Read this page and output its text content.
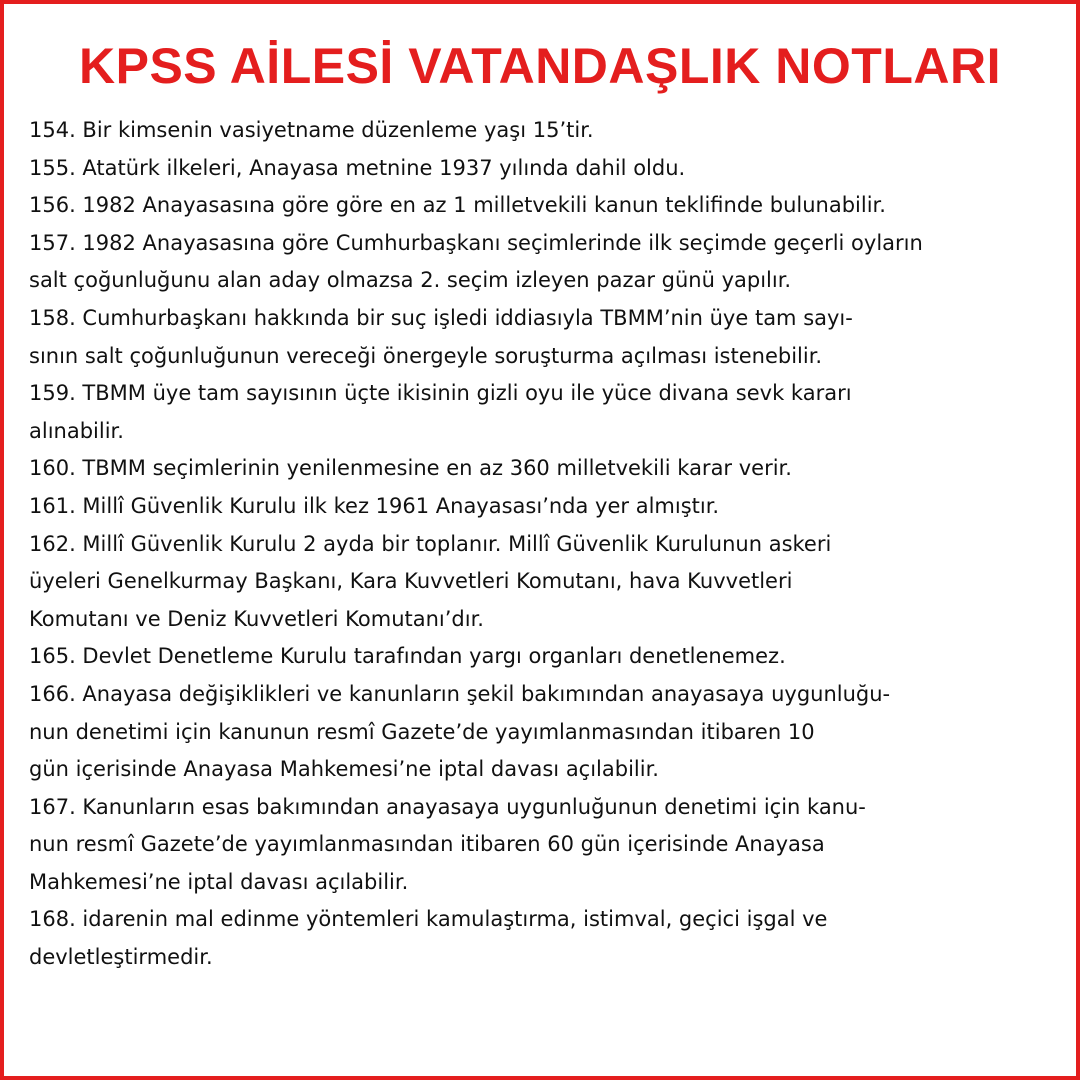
KPSS AİLESİ VATANDAŞLIK NOTLARI
154. Bir kimsenin vasiyetname düzenleme yaşı 15’tir.
155. Atatürk ilkeleri, Anayasa metnine 1937 yılında dahil oldu.
156. 1982 Anayasasına göre göre en az 1 milletvekili kanun teklifinde bulunabilir.
157. 1982 Anayasasına göre Cumhurbaşkanı seçimlerinde ilk seçimde geçerli oyların
salt çoğunluğunu alan aday olmazsa 2. seçim izleyen pazar günü yapılır.
158. Cumhurbaşkanı hakkında bir suç işledi iddiasıyla TBMM’nin üye tam sayı-
sının salt çoğunluğunun vereceği önergeyle soruşturma açılması istenebilir.
159. TBMM üye tam sayısının üçte ikisinin gizli oyu ile yüce divana sevk kararı
alınabilir.
160. TBMM seçimlerinin yenilenmesine en az 360 milletvekili karar verir.
161. Millî Güvenlik Kurulu ilk kez 1961 Anayasası’nda yer almıştır.
162. Millî Güvenlik Kurulu 2 ayda bir toplanır. Millî Güvenlik Kurulunun askeri
üyeleri Genelkurmay Başkanı, Kara Kuvvetleri Komutanı, hava Kuvvetleri
Komutanı ve Deniz Kuvvetleri Komutanı’dır.
165. Devlet Denetleme Kurulu tarafından yargı organları denetlenemez.
166. Anayasa değişiklikleri ve kanunların şekil bakımından anayasaya uygunluğu-
nun denetimi için kanunun resmî Gazete’de yayımlanmasından itibaren 10
gün içerisinde Anayasa Mahkemesi’ne iptal davası açılabilir.
167. Kanunların esas bakımından anayasaya uygunluğunun denetimi için kanu-
nun resmî Gazete’de yayımlanmasından itibaren 60 gün içerisinde Anayasa
Mahkemesi’ne iptal davası açılabilir.
168. idarenin mal edinme yöntemleri kamulaştırma, istimval, geçici işgal ve
devletleştirmedir.
